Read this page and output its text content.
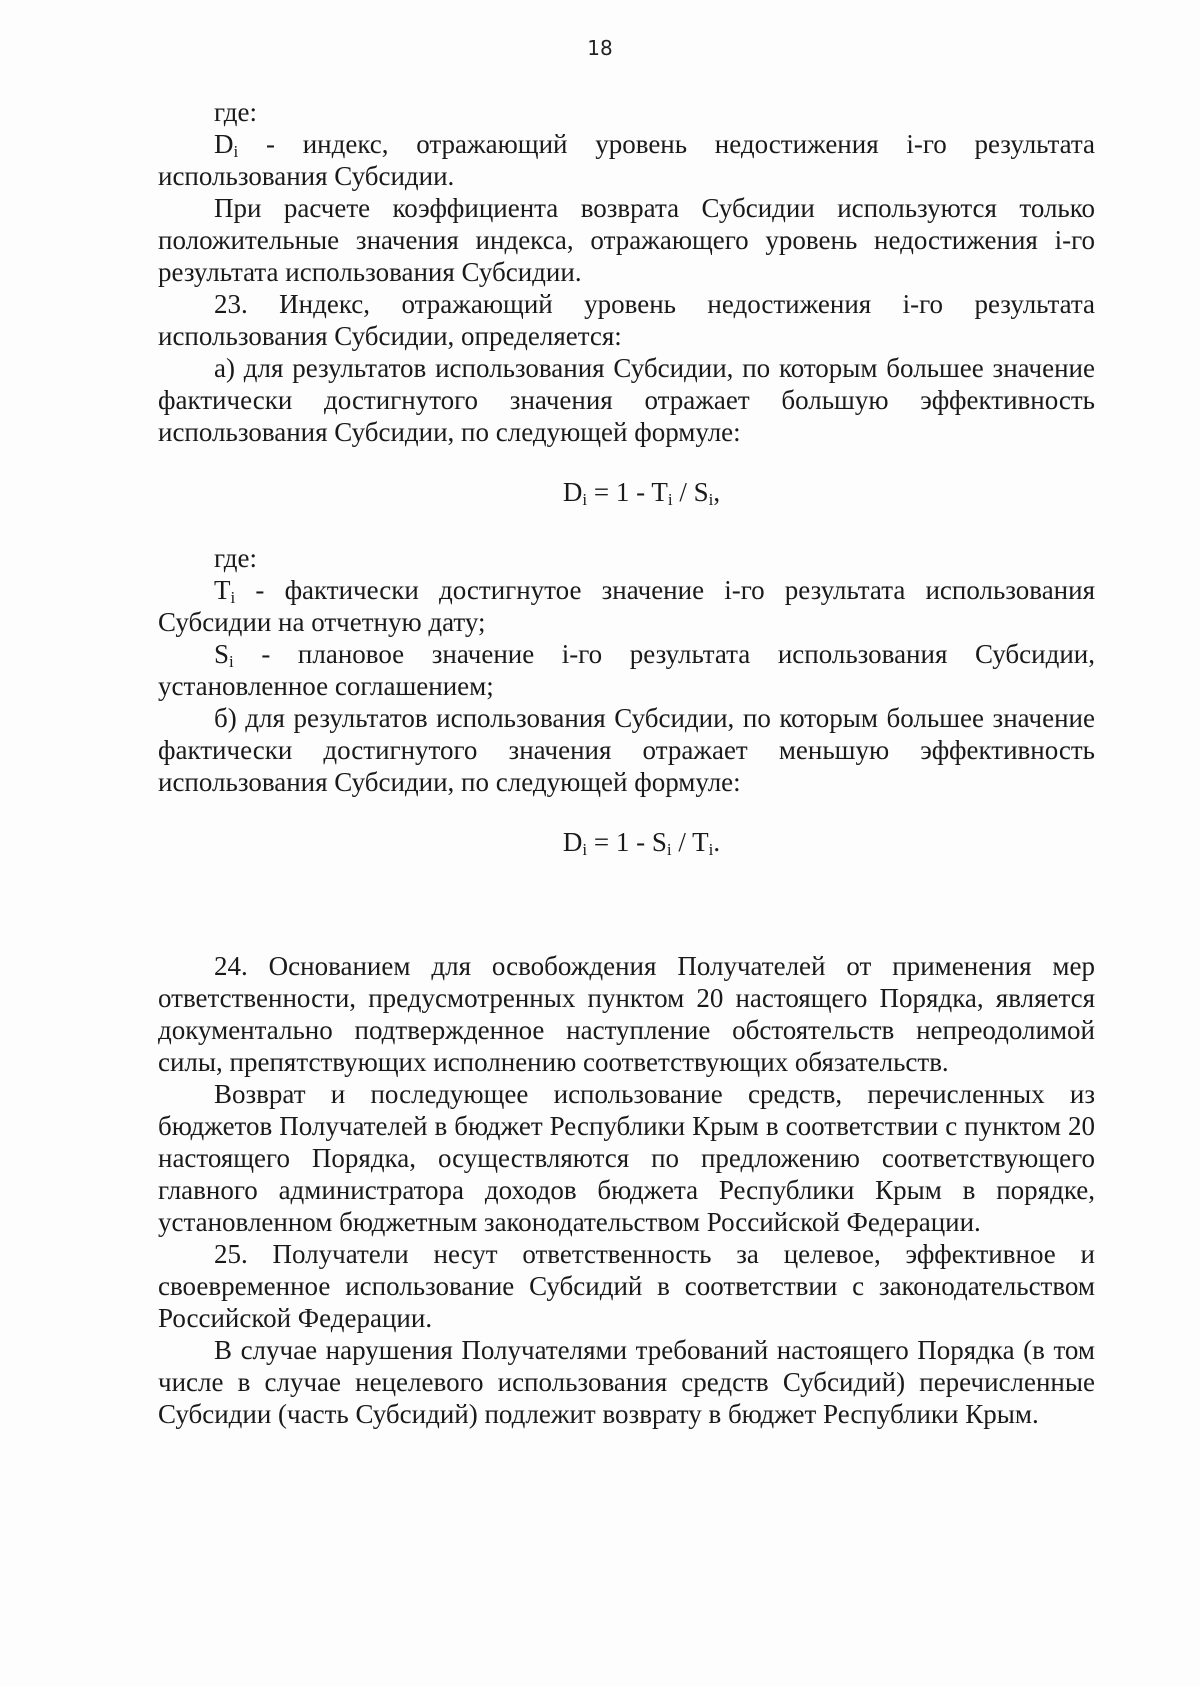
18

где:

$D_i$ - индекс, отражающий уровень недостижения i-го результата использования Субсидии.

При расчете коэффициента возврата Субсидии используются только положительные значения индекса, отражающего уровень недостижения i-го результата использования Субсидии.

23. Индекс, отражающий уровень недостижения i-го результата использования Субсидии, определяется:

а) для результатов использования Субсидии, по которым большее значение фактически достигнутого значения отражает большую эффективность использования Субсидии, по следующей формуле:

$D_i = 1 - T_i / S_i$,

где:

$T_i$ - фактически достигнутое значение i-го результата использования Субсидии на отчетную дату;

$S_i$ - плановое значение i-го результата использования Субсидии, установленное соглашением;

б) для результатов использования Субсидии, по которым большее значение фактически достигнутого значения отражает меньшую эффективность использования Субсидии, по следующей формуле:

$D_i = 1 - S_i / T_i$.

24. Основанием для освобождения Получателей от применения мер ответственности, предусмотренных пунктом 20 настоящего Порядка, является документально подтвержденное наступление обстоятельств непреодолимой силы, препятствующих исполнению соответствующих обязательств.

Возврат и последующее использование средств, перечисленных из бюджетов Получателей в бюджет Республики Крым в соответствии с пунктом 20 настоящего Порядка, осуществляются по предложению соответствующего главного администратора доходов бюджета Республики Крым в порядке, установленном бюджетным законодательством Российской Федерации.

25. Получатели несут ответственность за целевое, эффективное и своевременное использование Субсидий в соответствии с законодательством Российской Федерации.

В случае нарушения Получателями требований настоящего Порядка (в том числе в случае нецелевого использования средств Субсидий) перечисленные Субсидии (часть Субсидий) подлежит возврату в бюджет Республики Крым.
